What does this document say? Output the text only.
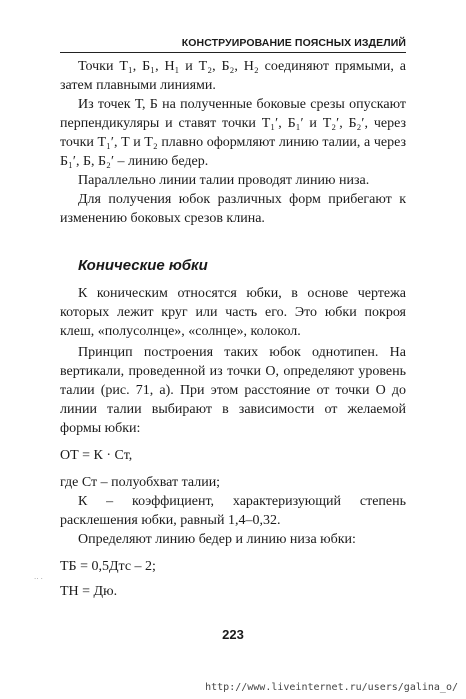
КОНСТРУИРОВАНИЕ ПОЯСНЫХ ИЗДЕЛИЙ

Точки Т₁, Б₁, Н₁ и Т₂, Б₂, Н₂ соединяют прямыми, а затем плавными линиями.

Из точек Т, Б на полученные боковые срезы опускают перпендикуляры и ставят точки Т₁′, Б₁′ и Т₂′, Б₂′, через точки Т₁′, Т и Т₂ плавно оформляют линию талии, а через Б₁′, Б, Б₂′ – линию бедер.

Параллельно линии талии проводят линию низа.

Для получения юбок различных форм прибегают к изменению боковых срезов клина.

Конические юбки

К коническим относятся юбки, в основе чертежа которых лежит круг или часть его. Это юбки покроя клеш, «полусолнце», «солнце», колокол.

Принцип построения таких юбок однотипен. На вертикали, проведенной из точки О, определяют уровень талии (рис. 71, а). При этом расстояние от точки О до линии талии выбирают в зависимости от желаемой формы юбки:

ОТ = К · Ст,

где Ст – полуобхват талии;

К – коэффициент, характеризующий степень расклешения юбки, равный 1,4–0,32.

Определяют линию бедер и линию низа юбки:

ТБ = 0,5Дтс – 2;

ТН = Дю.

.. .
223
http://www.liveinternet.ru/users/galina_o/
